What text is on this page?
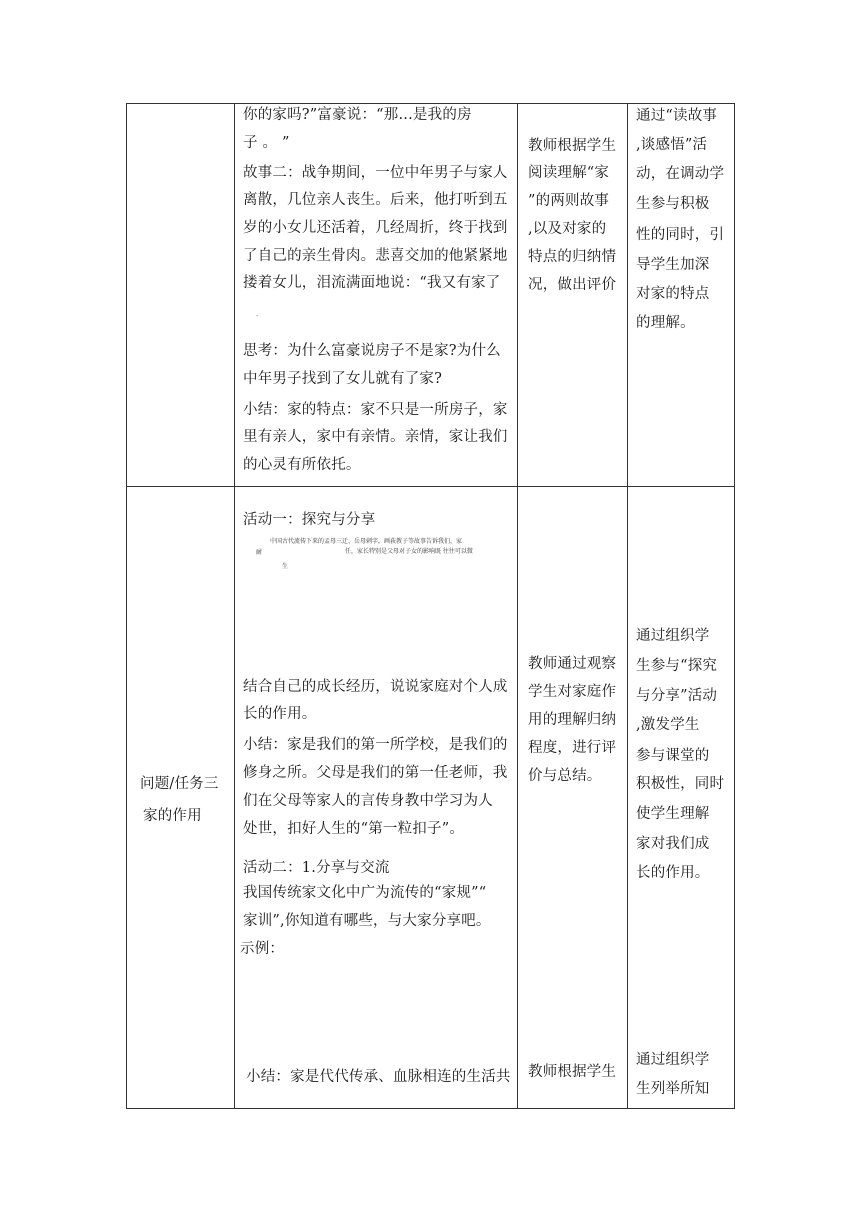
你的家吗?”富豪说：“那...是我的房
子 。 ”
故事二：战争期间，一位中年男子与家人
离散，几位亲人丧生。后来，他打听到五
岁的小女儿还活着，几经周折，终于找到
了自己的亲生骨肉。悲喜交加的他紧紧地
搂着女儿，泪流满面地说：“我又有家了
-
思考：为什么富豪说房子不是家?为什么
中年男子找到了女儿就有了家?
小结：家的特点：家不只是一所房子，家
里有亲人，家中有亲情。亲情，家让我们
的心灵有所依托。
教师根据学生
阅读理解“家
”的两则故事
,以及对家的
特点的归纳情
况，做出评价
通过“读故事
,谈感悟”活
动，在调动学
生参与积极
性的同时，引
导学生加深
对家的特点
的理解。
问题/任务三
家的作用
活动一：探究与分享
中国古代流传下来的孟母三迁、岳母刺字，画荻教子等故事告诉我们，家
耐	任，家长特别是父母对子女的影响既 往往可以微
生
结合自己的成长经历，说说家庭对个人成
长的作用。
小结：家是我们的第一所学校，是我们的
修身之所。父母是我们的第一任老师，我
们在父母等家人的言传身教中学习为人
处世，扣好人生的“第一粒扣子”。
活动二：1.分享与交流
我国传统家文化中广为流传的“家规”“
家训”,你知道有哪些，与大家分享吧。
示例：
小结：家是代代传承、血脉相连的生活共
教师通过观察
学生对家庭作
用的理解归纳
程度，进行评
价与总结。
教师根据学生
通过组织学
生参与“探究
与分享”活动
,激发学生
参与课堂的
积极性，同时
使学生理解
家对我们成
长的作用。
通过组织学
生列举所知
